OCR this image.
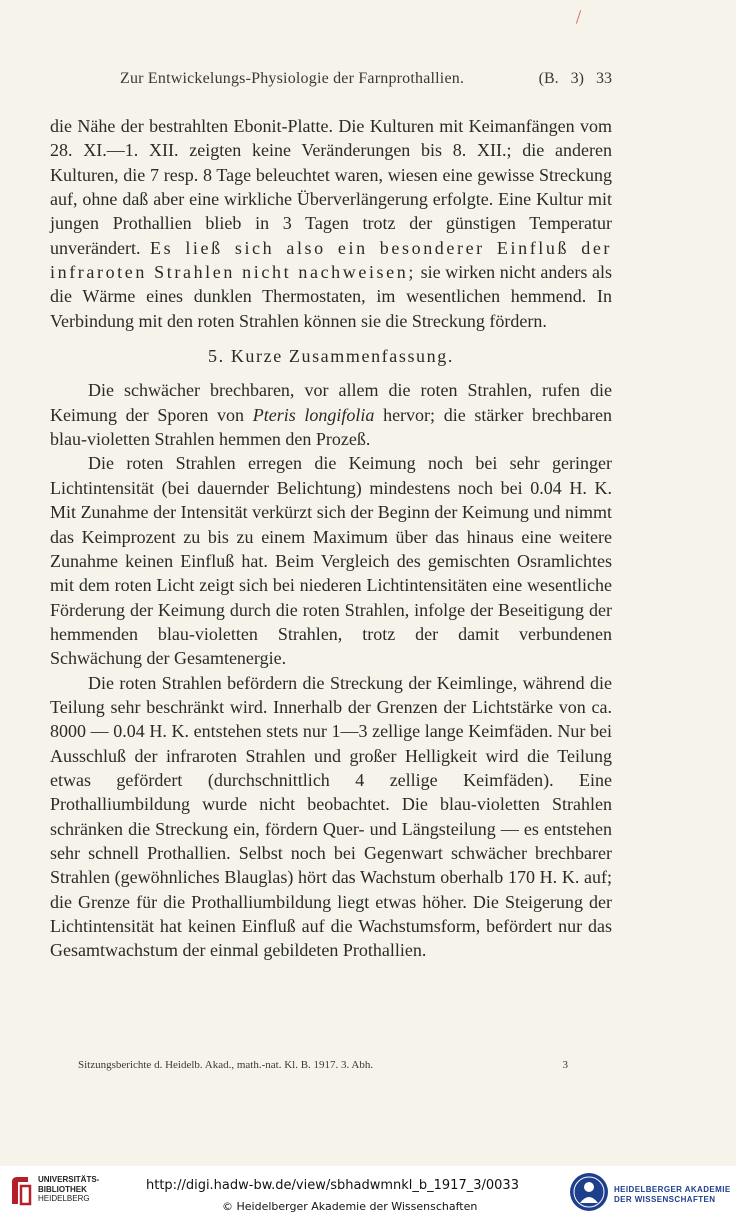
Zur Entwickelungs-Physiologie der Farnprothallien.	(B. 3) 33

die Nähe der bestrahlten Ebonit-Platte. Die Kulturen mit Keimanfängen vom 28. XI.—1. XII. zeigten keine Veränderungen bis 8. XII.; die anderen Kulturen, die 7 resp. 8 Tage beleuchtet waren, wiesen eine gewisse Streckung auf, ohne daß aber eine wirkliche Überverlängerung erfolgte. Eine Kultur mit jungen Prothallien blieb in 3 Tagen trotz der günstigen Temperatur unverändert. Es ließ sich also ein besonderer Einfluß der infraroten Strahlen nicht nachweisen; sie wirken nicht anders als die Wärme eines dunklen Thermostaten, im wesentlichen hemmend. In Verbindung mit den roten Strahlen können sie die Streckung fördern.

5. Kurze Zusammenfassung.

Die schwächer brechbaren, vor allem die roten Strahlen, rufen die Keimung der Sporen von Pteris longifolia hervor; die stärker brechbaren blau-violetten Strahlen hemmen den Prozeß.

Die roten Strahlen erregen die Keimung noch bei sehr geringer Lichtintensität (bei dauernder Belichtung) mindestens noch bei 0.04 H. K. Mit Zunahme der Intensität verkürzt sich der Beginn der Keimung und nimmt das Keimprozent zu bis zu einem Maximum über das hinaus eine weitere Zunahme keinen Einfluß hat. Beim Vergleich des gemischten Osramlichtes mit dem roten Licht zeigt sich bei niederen Lichtintensitäten eine wesentliche Förderung der Keimung durch die roten Strahlen, infolge der Beseitigung der hemmenden blau-violetten Strahlen, trotz der damit verbundenen Schwächung der Gesamtenergie.

Die roten Strahlen befördern die Streckung der Keimlinge, während die Teilung sehr beschränkt wird. Innerhalb der Grenzen der Lichtstärke von ca. 8000 — 0.04 H. K. entstehen stets nur 1—3 zellige lange Keimfäden. Nur bei Ausschluß der infraroten Strahlen und großer Helligkeit wird die Teilung etwas gefördert (durchschnittlich 4 zellige Keimfäden). Eine Prothalliumbildung wurde nicht beobachtet. Die blau-violetten Strahlen schränken die Streckung ein, fördern Quer- und Längsteilung — es entstehen sehr schnell Prothallien. Selbst noch bei Gegenwart schwächer brechbarer Strahlen (gewöhnliches Blauglas) hört das Wachstum oberhalb 170 H. K. auf; die Grenze für die Prothalliumbildung liegt etwas höher. Die Steigerung der Lichtintensität hat keinen Einfluß auf die Wachstumsform, befördert nur das Gesamtwachstum der einmal gebildeten Prothallien.

Sitzungsberichte d. Heidelb. Akad., math.-nat. Kl. B. 1917. 3. Abh.	3
UNIVERSITÄTS-
BIBLIOTHEK
HEIDELBERG
http://digi.hadw-bw.de/view/sbhadwmnkl_b_1917_3/0033
© Heidelberger Akademie der Wissenschaften
HEIDELBERGER AKADEMIE
DER WISSENSCHAFTEN
